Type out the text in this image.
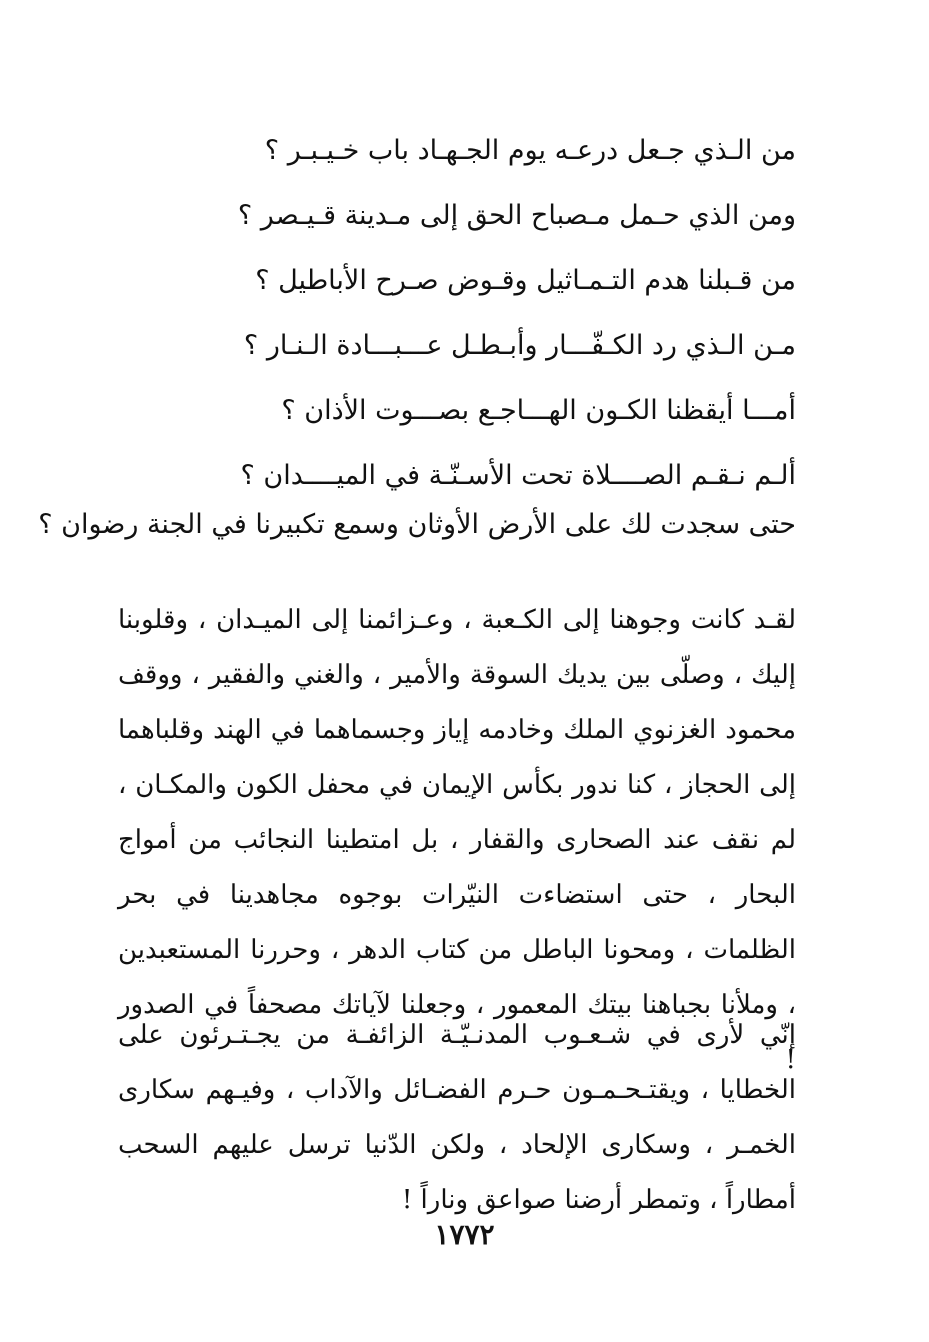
من الـذي جـعل درعـه يوم الجـهـاد باب خـيـبـر ؟
ومن الذي حـمل مـصباح الحق إلى مـدينة قـيـصر ؟
من قـبلنا هدم التـمـاثيل وقـوض صـرح الأباطيل ؟
مـن الـذي رد الكـفّـــار وأبـطـل عـــبـــادة الـنـار ؟
أمـــا أيقظنا الكـون الهـــاجـع بصـــوت الأذان ؟
ألـم نـقـم الصــــلاة تحت الأسـنّـة في الميــــدان ؟
حتى سجدت لك على الأرض الأوثان وسمع تكبيرنا في الجنة رضوان ؟

لقـد كانت وجوهنا إلى الكـعبة ، وعـزائمنا إلى الميـدان ، وقلوبنا إليك ، وصلّى بين يديك السوقة والأمير ، والغني والفقير ، ووقف محمود الغزنوي الملك وخادمه إياز وجسماهما في الهند وقلباهما إلى الحجاز ، كنا ندور بكأس الإيمان في محفل الكون والمكـان ، لم نقف عند الصحارى والقفار ، بل امتطينا النجائب من أمواج البحار ، حتى استضاءت النيّرات بوجوه مجاهدينا في بحر الظلمات ، ومحونا الباطل من كتاب الدهر ، وحررنا المستعبدين ، وملأنا بجباهنا بيتك المعمور ، وجعلنا لآياتك مصحفاً في الصدور !

إنّي لأرى في شـعـوب المدنـيّـة الزائفـة من يجـتـرئون على الخطايا ، ويقتـحـمـون حـرم الفضـائل والآداب ، وفيـهم سكارى الخمـر ، وسكارى الإلحاد ، ولكن الدّنيا ترسل عليهم السحب أمطاراً ، وتمطر أرضنا صواعق وناراً !

١٧٧٢
